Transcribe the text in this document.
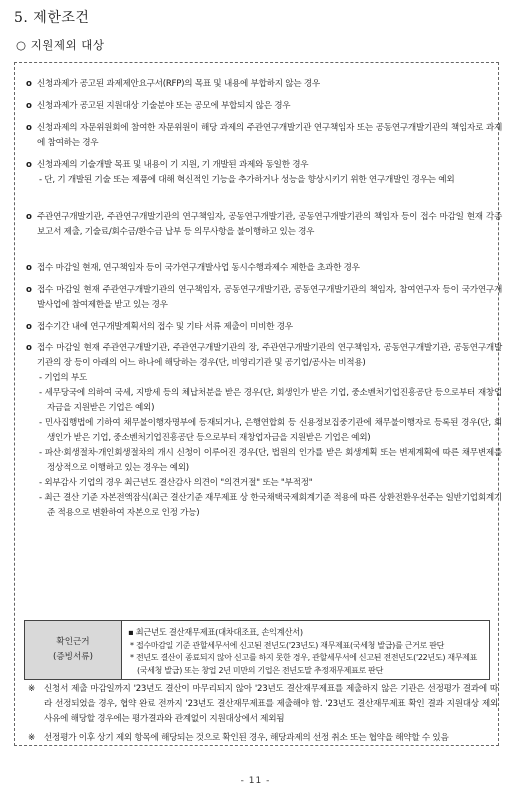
5. 제한조건
○ 지원제외 대상
o 신청과제가 공고된 과제제안요구서(RFP)의 목표 및 내용에 부합하지 않는 경우
o 신청과제가 공고된 지원대상 기술분야 또는 공모에 부합되지 않은 경우
o 신청과제의 자문위원회에 참여한 자문위원이 해당 과제의 주관연구개발기관 연구책임자 또는 공동연구개발기관의 책임자로 과제에 참여하는 경우
o 신청과제의 기술개발 목표 및 내용이 기 지원, 기 개발된 과제와 동일한 경우
- 단, 기 개발된 기술 또는 제품에 대해 혁신적인 기능을 추가하거나 성능을 향상시키기 위한 연구개발인 경우는 예외
o 주관연구개발기관, 주관연구개발기관의 연구책임자, 공동연구개발기관, 공동연구개발기관의 책임자 등이 접수 마감일 현재 각종 보고서 제출, 기술료/회수금/환수금 납부 등 의무사항을 불이행하고 있는 경우
o 접수 마감일 현재, 연구책임자 등이 국가연구개발사업 동시수행과제수 제한을 초과한 경우
o 접수 마감일 현재 주관연구개발기관의 연구책임자, 공동연구개발기관, 공동연구개발기관의 책임자, 참여연구자 등이 국가연구개발사업에 참여제한을 받고 있는 경우
o 접수기간 내에 연구개발계획서의 접수 및 기타 서류 제출이 미비한 경우
o 접수 마감일 현재 주관연구개발기관, 주관연구개발기관의 장, 주관연구개발기관의 연구책임자, 공동연구개발기관, 공동연구개발기관의 장 등이 아래의 어느 하나에 해당하는 경우(단, 비영리기관 및 공기업/공사는 비적용)
- 기업의 부도
- 세무당국에 의하여 국세, 지방세 등의 체납처분을 받은 경우(단, 회생인가 받은 기업, 중소벤처기업진흥공단 등으로부터 재창업자금을 지원받은 기업은 예외)
- 민사집행법에 기하여 채무불이행자명부에 등재되거나, 은행연합회 등 신용정보집중기관에 채무불이행자로 등록된 경우(단, 회생인가 받은 기업, 중소벤처기업진흥공단 등으로부터 재창업자금을 지원받은 기업은 예외)
- 파산·회생절차·개인회생절차의 개시 신청이 이루어진 경우(단, 법원의 인가를 받은 회생계획 또는 변제계획에 따른 채무변제를 정상적으로 이행하고 있는 경우는 예외)
- 외부감사 기업의 경우 최근년도 결산감사 의견이 "의견거절" 또는 "부적정"
- 최근 결산 기준 자본전액잠식(최근 결산기준 재무제표 상 한국채택국제회계기준 적용에 따른 상환전환우선주는 일반기업회계기준 적용으로 변환하여 자본으로 인정 가능)
확인근거
(증빙서류)
▪ 최근년도 결산재무제표(대차대조표, 손익계산서)
* 접수마감일 기준 관할세무서에 신고된 전년도('23년도) 재무제표(국세청 발급)를 근거로 판단
* 전년도 결산이 종료되지 않아 신고를 하지 못한 경우, 관할세무서에 신고된 전전년도('22년도) 재무제표(국세청 발급) 또는 창업 2년 미만의 기업은 전년도말 추정재무제표로 판단
※ 신청서 제출 마감일까지 '23년도 결산이 마무리되지 않아 '23년도 결산재무제표를 제출하지 않은 기관은 선정평가 결과에 따라 선정되었을 경우, 협약 완료 전까지 '23년도 결산재무제표를 제출해야 함. '23년도 결산재무제표 확인 결과 지원대상 제외 사유에 해당할 경우에는 평가결과와 관계없이 지원대상에서 제외됨
- 11 -
※ 선정평가 이후 상기 제외 항목에 해당되는 것으로 확인된 경우, 해당과제의 선정 취소 또는 협약을 해약할 수 있음
